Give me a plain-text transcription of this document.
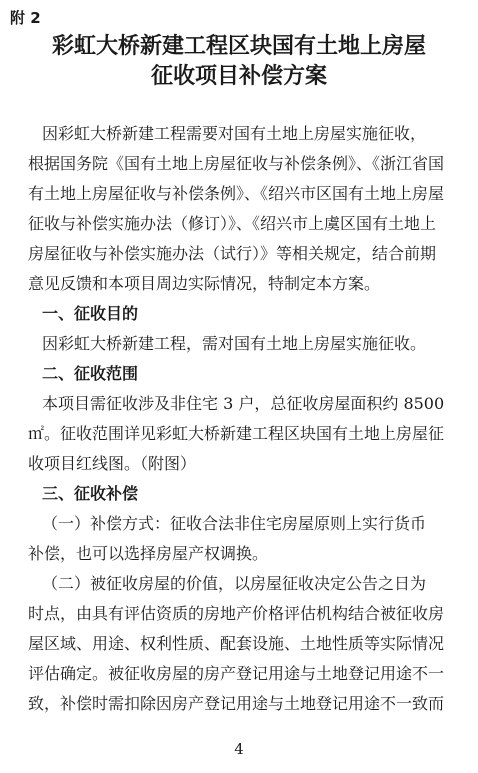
附 2
彩虹大桥新建工程区块国有土地上房屋
征收项目补偿方案
因彩虹大桥新建工程需要对国有土地上房屋实施征收，
根据国务院《国有土地上房屋征收与补偿条例》、《浙江省国
有土地上房屋征收与补偿条例》、《绍兴市区国有土地上房屋
征收与补偿实施办法（修订）》、《绍兴市上虞区国有土地上
房屋征收与补偿实施办法（试行）》等相关规定，结合前期
意见反馈和本项目周边实际情况，特制定本方案。
一、征收目的
因彩虹大桥新建工程，需对国有土地上房屋实施征收。
二、征收范围
本项目需征收涉及非住宅 3 户，总征收房屋面积约 8500
㎡。征收范围详见彩虹大桥新建工程区块国有土地上房屋征
收项目红线图。（附图）
三、征收补偿
（一）补偿方式：征收合法非住宅房屋原则上实行货币
补偿，也可以选择房屋产权调换。
（二）被征收房屋的价值，以房屋征收决定公告之日为
时点，由具有评估资质的房地产价格评估机构结合被征收房
屋区域、用途、权利性质、配套设施、土地性质等实际情况
评估确定。被征收房屋的房产登记用途与土地登记用途不一
致，补偿时需扣除因房产登记用途与土地登记用途不一致而
4
